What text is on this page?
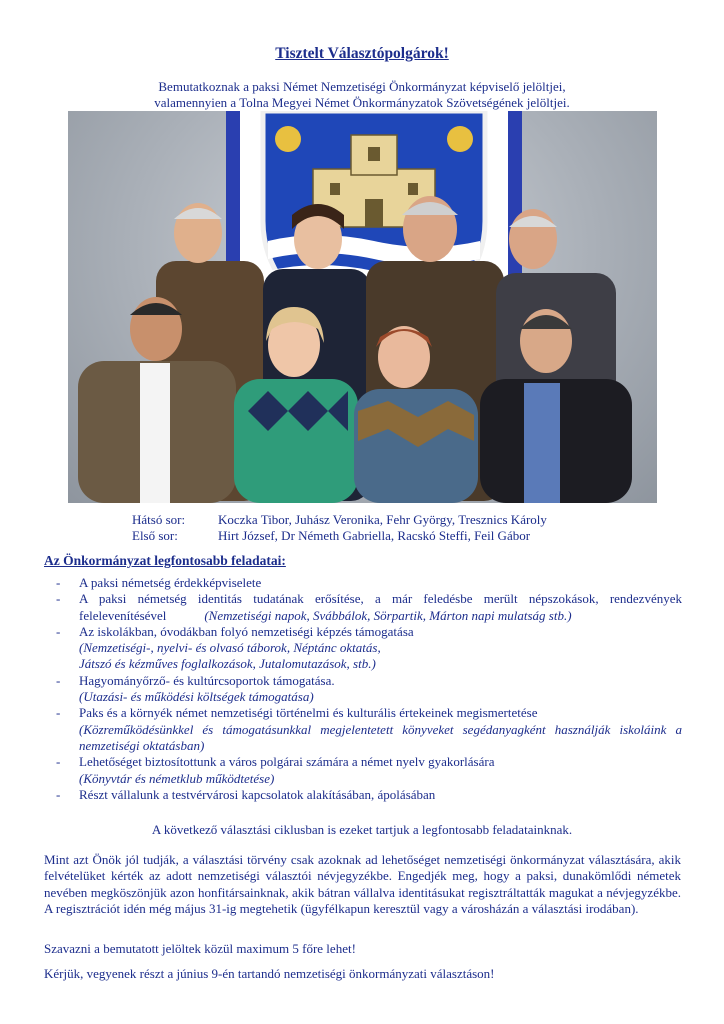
Tisztelt Választópolgárok!
Bemutatkoznak a paksi Német Nemzetiségi Önkormányzat képviselő jelöltjei,
valamennyien a Tolna Megyei Német Önkormányzatok Szövetségének jelöltjei.
Hátsó sor:	Koczka Tibor, Juhász Veronika, Fehr György, Tresznics Károly
Első sor:	Hirt József, Dr Németh Gabriella, Racskó Steffi, Feil Gábor
Az Önkormányzat legfontosabb feladatai:
- A paksi németség érdekképviselete
- A paksi németség identitás tudatának erősítése, a már feledésbe merült népszokások, rendezvények felelevenítésével	(Nemzetiségi napok, Svábbálok, Sörpartik, Márton napi mulatság stb.)
- Az iskolákban, óvodákban folyó nemzetiségi képzés támogatása
(Nemzetiségi-, nyelvi- és olvasó táborok, Néptánc oktatás,
Játszó és kézműves foglalkozások, Jutalomutazások, stb.)
- Hagyományőrző- és kultúrcsoportok támogatása.
(Utazási- és működési költségek támogatása)
- Paks és a környék német nemzetiségi történelmi és kulturális értekeinek megismertetése
(Közreműködésünkkel és támogatásunkkal megjelentetett könyveket segédanyagként használják iskoláink a nemzetiségi oktatásban)
- Lehetőséget biztosítottunk a város polgárai számára a német nyelv gyakorlására
(Könyvtár és németklub működtetése)
- Részt vállalunk a testvérvárosi kapcsolatok alakításában, ápolásában
A következő választási ciklusban is ezeket tartjuk a legfontosabb feladatainknak.

Mint azt Önök jól tudják, a választási törvény csak azoknak ad lehetőséget nemzetiségi önkormányzat választására, akik felvételüket kérték az adott nemzetiségi választói névjegyzékbe. Engedjék meg, hogy a paksi, dunakömlődi németek nevében megköszönjük azon honfitársainknak, akik bátran vállalva identitásukat regisztráltatták magukat a névjegyzékbe. A regisztrációt idén még május 31-ig megtehetik (ügyfélkapun keresztül vagy a városházán a választási irodában).

Szavazni a bemutatott jelöltek közül maximum 5 főre lehet!

Kérjük, vegyenek részt a június 9-én tartandó nemzetiségi önkormányzati választáson!
